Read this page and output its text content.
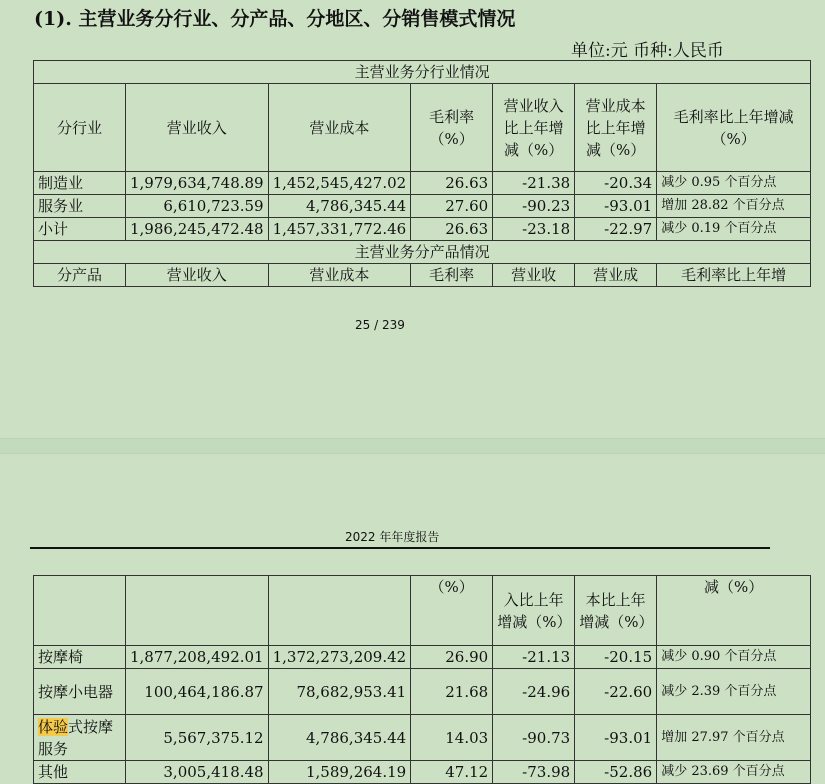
(1). 主营业务分行业、分产品、分地区、分销售模式情况
单位:元 币种:人民币
主营业务分行业情况						
分行业	营业收入	营业成本	毛利率（%）	营业收入比上年增减（%）	营业成本比上年增减（%）	毛利率比上年增减（%）
制造业	1,979,634,748.89	1,452,545,427.02	26.63	-21.38	-20.34	减少 0.95 个百分点
服务业	6,610,723.59	4,786,345.44	27.60	-90.23	-93.01	增加 28.82 个百分点
小计	1,986,245,472.48	1,457,331,772.46	26.63	-23.18	-22.97	减少 0.19 个百分点
主营业务分产品情况						
分产品	营业收入	营业成本	毛利率	营业收	营业成	毛利率比上年增
25 / 239
2022 年年度报告
			（%）	入比上年增减（%）	本比上年增减（%）	减（%）
按摩椅	1,877,208,492.01	1,372,273,209.42	26.90	-21.13	-20.15	减少 0.90 个百分点
按摩小电器	100,464,186.87	78,682,953.41	21.68	-24.96	-22.60	减少 2.39 个百分点
体验式按摩服务	5,567,375.12	4,786,345.44	14.03	-90.73	-93.01	增加 27.97 个百分点
其他	3,005,418.48	1,589,264.19	47.12	-73.98	-52.86	减少 23.69 个百分点
